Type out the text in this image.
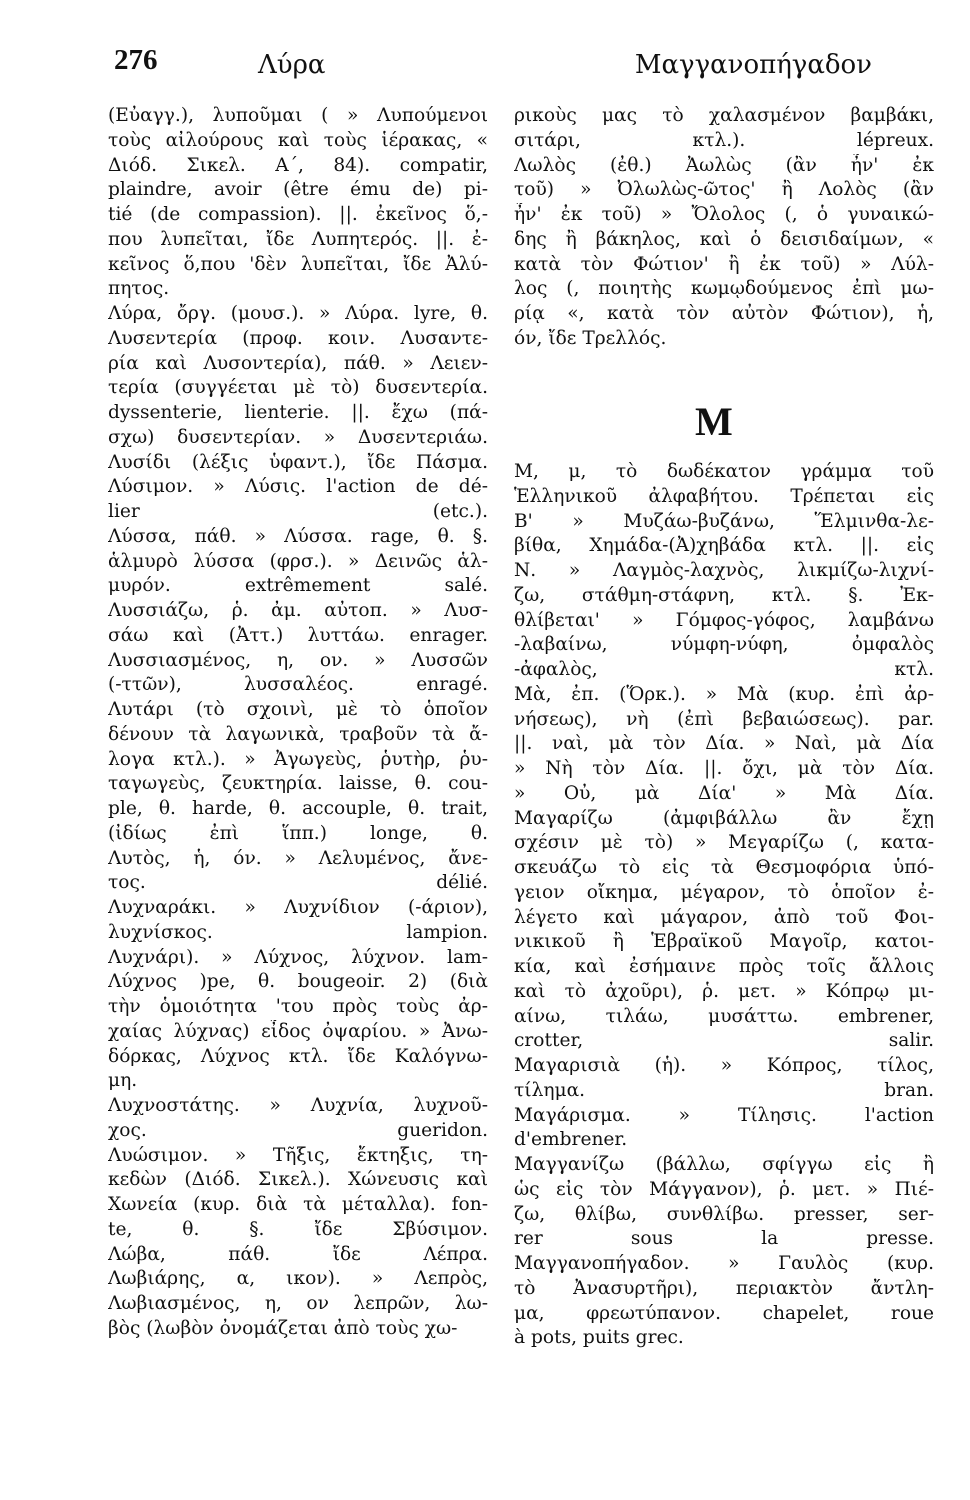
276	Λύρα	Μαγγανοπήγαδον
(Εὐαγγ.), λυποῦμαι ( » Λυπούμενοι
τοὺς αἰλούρους καὶ τοὺς ἱέρακας, «
Διόδ. Σικελ. Α΄, 84). compatir,
plaindre, avoir (être ému de) pi-
tié (de compassion). ||. ἐκεῖνος ὅ,-
που λυπεῖται, ἴδε Λυπητερός. ||. ἐ-
κεῖνος ὅ,που 'δὲν λυπεῖται, ἴδε Ἀλύ-
πητος.
Λύρα, ὄργ. (μουσ.). » Λύρα. lyre, θ.
Λυσεντερία (προφ. κοιν. Λυσαντε-
ρία καὶ Λυσοντερία), πάθ. » Λειεν-
τερία (συγγέεται μὲ τὸ) δυσεντερία.
dyssenterie, lienterie. ||. ἔχω (πά-
σχω) δυσεντερίαν. » Δυσεντεριάω.
Λυσίδι (λέξις ὑφαντ.), ἴδε Πάσμα.
Λύσιμον. » Λύσις. l'action de dé-
lier (etc.).
Λύσσα, πάθ. » Λύσσα. rage, θ. §.
ἁλμυρὸ λύσσα (φρσ.). » Δεινῶς ἁλ-
μυρόν. extrêmement salé.
Λυσσιάζω, ῥ. ἀμ. αὐτοπ. » Λυσ-
σάω καὶ (Ἀττ.) λυττάω. enrager.
Λυσσιασμένος, η, ον. » Λυσσῶν
(-ττῶν), λυσσαλέος. enragé.
Λυτάρι (τὸ σχοινὶ, μὲ τὸ ὁποῖον
δένουν τὰ λαγωνικὰ, τραβοῦν τὰ ἄ-
λογα κτλ.). » Ἀγωγεὺς, ῥυτὴρ, ῥυ-
ταγωγεὺς, ζευκτηρία. laisse, θ. cou-
ple, θ. harde, θ. accouple, θ. trait,
(ἰδίως ἐπὶ ἵππ.) longe, θ.
Λυτὸς, ἡ, όν. » Λελυμένος, ἄνε-
τος. délié.
Λυχναράκι. » Λυχνίδιον (-άριον),
λυχνίσκος. lampion.
Λυχνάρι). » Λύχνος, λύχνον. lam-
Λύχνος )pe, θ. bougeoir. 2) (διὰ
τὴν ὁμοιότητα 'του πρὸς τοὺς ἀρ-
χαίας λύχνας) εἶδος ὀψαρίου. » Ἀνω-
δόρκας, Λύχνος κτλ. ἴδε Καλόγνω-
μη.
Λυχνοστάτης. » Λυχνία, λυχνοῦ-
χος. gueridon.
Λυώσιμον. » Τῆξις, ἔκτηξις, τη-
κεδὼν (Διόδ. Σικελ.). Χώνευσις καὶ
Χωνεία (κυρ. διὰ τὰ μέταλλα). fon-
te, θ. §. ἴδε Σβύσιμον.
Λώβα, πάθ. ἴδε Λέπρα.
Λωβιάρης, α, ικον). » Λεπρὸς,
Λωβιασμένος, η, ον λεπρῶν, λω-
βὸς (λωβὸν ὀνομάζεται ἀπὸ τοὺς χω-
ρικοὺς μας τὸ χαλασμένον βαμβάκι,
σιτάρι, κτλ.). lépreux.
Λωλὸς (ἐθ.) Ἀωλὼς (ἂν ἦν' ἐκ
τοῦ) » Ὀλωλὼς-ῶτος' ἢ Λολὸς (ἂν
ἦν' ἐκ τοῦ) » Ὄλολος (, ὁ γυναικώ-
δης ἢ βάκηλος, καὶ ὁ δεισιδαίμων, «
κατὰ τὸν Φώτιον' ἢ ἐκ τοῦ) » Λύλ-
λος (, ποιητὴς κωμῳδούμενος ἐπὶ μω-
ρίᾳ «, κατὰ τὸν αὐτὸν Φώτιον), ἡ,
όν, ἴδε Τρελλός.
M
Μ, μ, τὸ δωδέκατον γράμμα τοῦ
Ἑλληνικοῦ ἀλφαβήτου. Τρέπεται εἰς
Β' » Μυζάω-βυζάνω, Ἕλμινθα-λε-
βίθα, Χημάδα-(Ἀ)χηβάδα κτλ. ||. εἰς
Ν. » Λαγμὸς-λαχνὸς, λικμίζω-λιχνί-
ζω, στάθμη-στάφνη, κτλ. §. Ἐκ-
θλίβεται' » Γόμφος-γόφος, λαμβάνω
-λαβαίνω, νύμφη-νύφη, ὀμφαλὸς
-ἀφαλὸς, κτλ.
Μὰ, ἐπ. (Ὅρκ.). » Μὰ (κυρ. ἐπὶ ἀρ-
νήσεως), νὴ (ἐπὶ βεβαιώσεως). par.
||. ναὶ, μὰ τὸν Δία. » Ναὶ, μὰ Δία
» Νὴ τὸν Δία. ||. ὄχι, μὰ τὸν Δία.
» Οὐ, μὰ Δία' » Μὰ Δία.
Μαγαρίζω (ἀμφιβάλλω ἂν ἔχῃ
σχέσιν μὲ τὸ) » Μεγαρίζω (, κατα-
σκευάζω τὸ εἰς τὰ Θεσμοφόρια ὑπό-
γειον οἴκημα, μέγαρον, τὸ ὁποῖον ἐ-
λέγετο καὶ μάγαρον, ἀπὸ τοῦ Φοι-
νικικοῦ ἢ Ἑβραϊκοῦ Μαγοῖρ, κατοι-
κία, καὶ ἐσήμαινε πρὸς τοῖς ἄλλοις
καὶ τὸ ἀχοῦρι), ῥ. μετ. » Κόπρῳ μι-
αίνω, τιλάω, μυσάττω. embrener,
crotter, salir.
Μαγαρισιὰ (ἡ). » Κόπρος, τίλος,
τίλημα. bran.
Μαγάρισμα. » Τίλησις. l'action
d'embrener.
Μαγγανίζω (βάλλω, σφίγγω εἰς ἢ
ὡς εἰς τὸν Μάγγανον), ῥ. μετ. » Πιέ-
ζω, θλίβω, συνθλίβω. presser, ser-
rer sous la presse.
Μαγγανοπήγαδον. » Γαυλὸς (κυρ.
τὸ Ἀνασυρτῆρι), περιακτὸν ἄντλη-
μα, φρεωτύπανον. chapelet, roue
à pots, puits grec.
